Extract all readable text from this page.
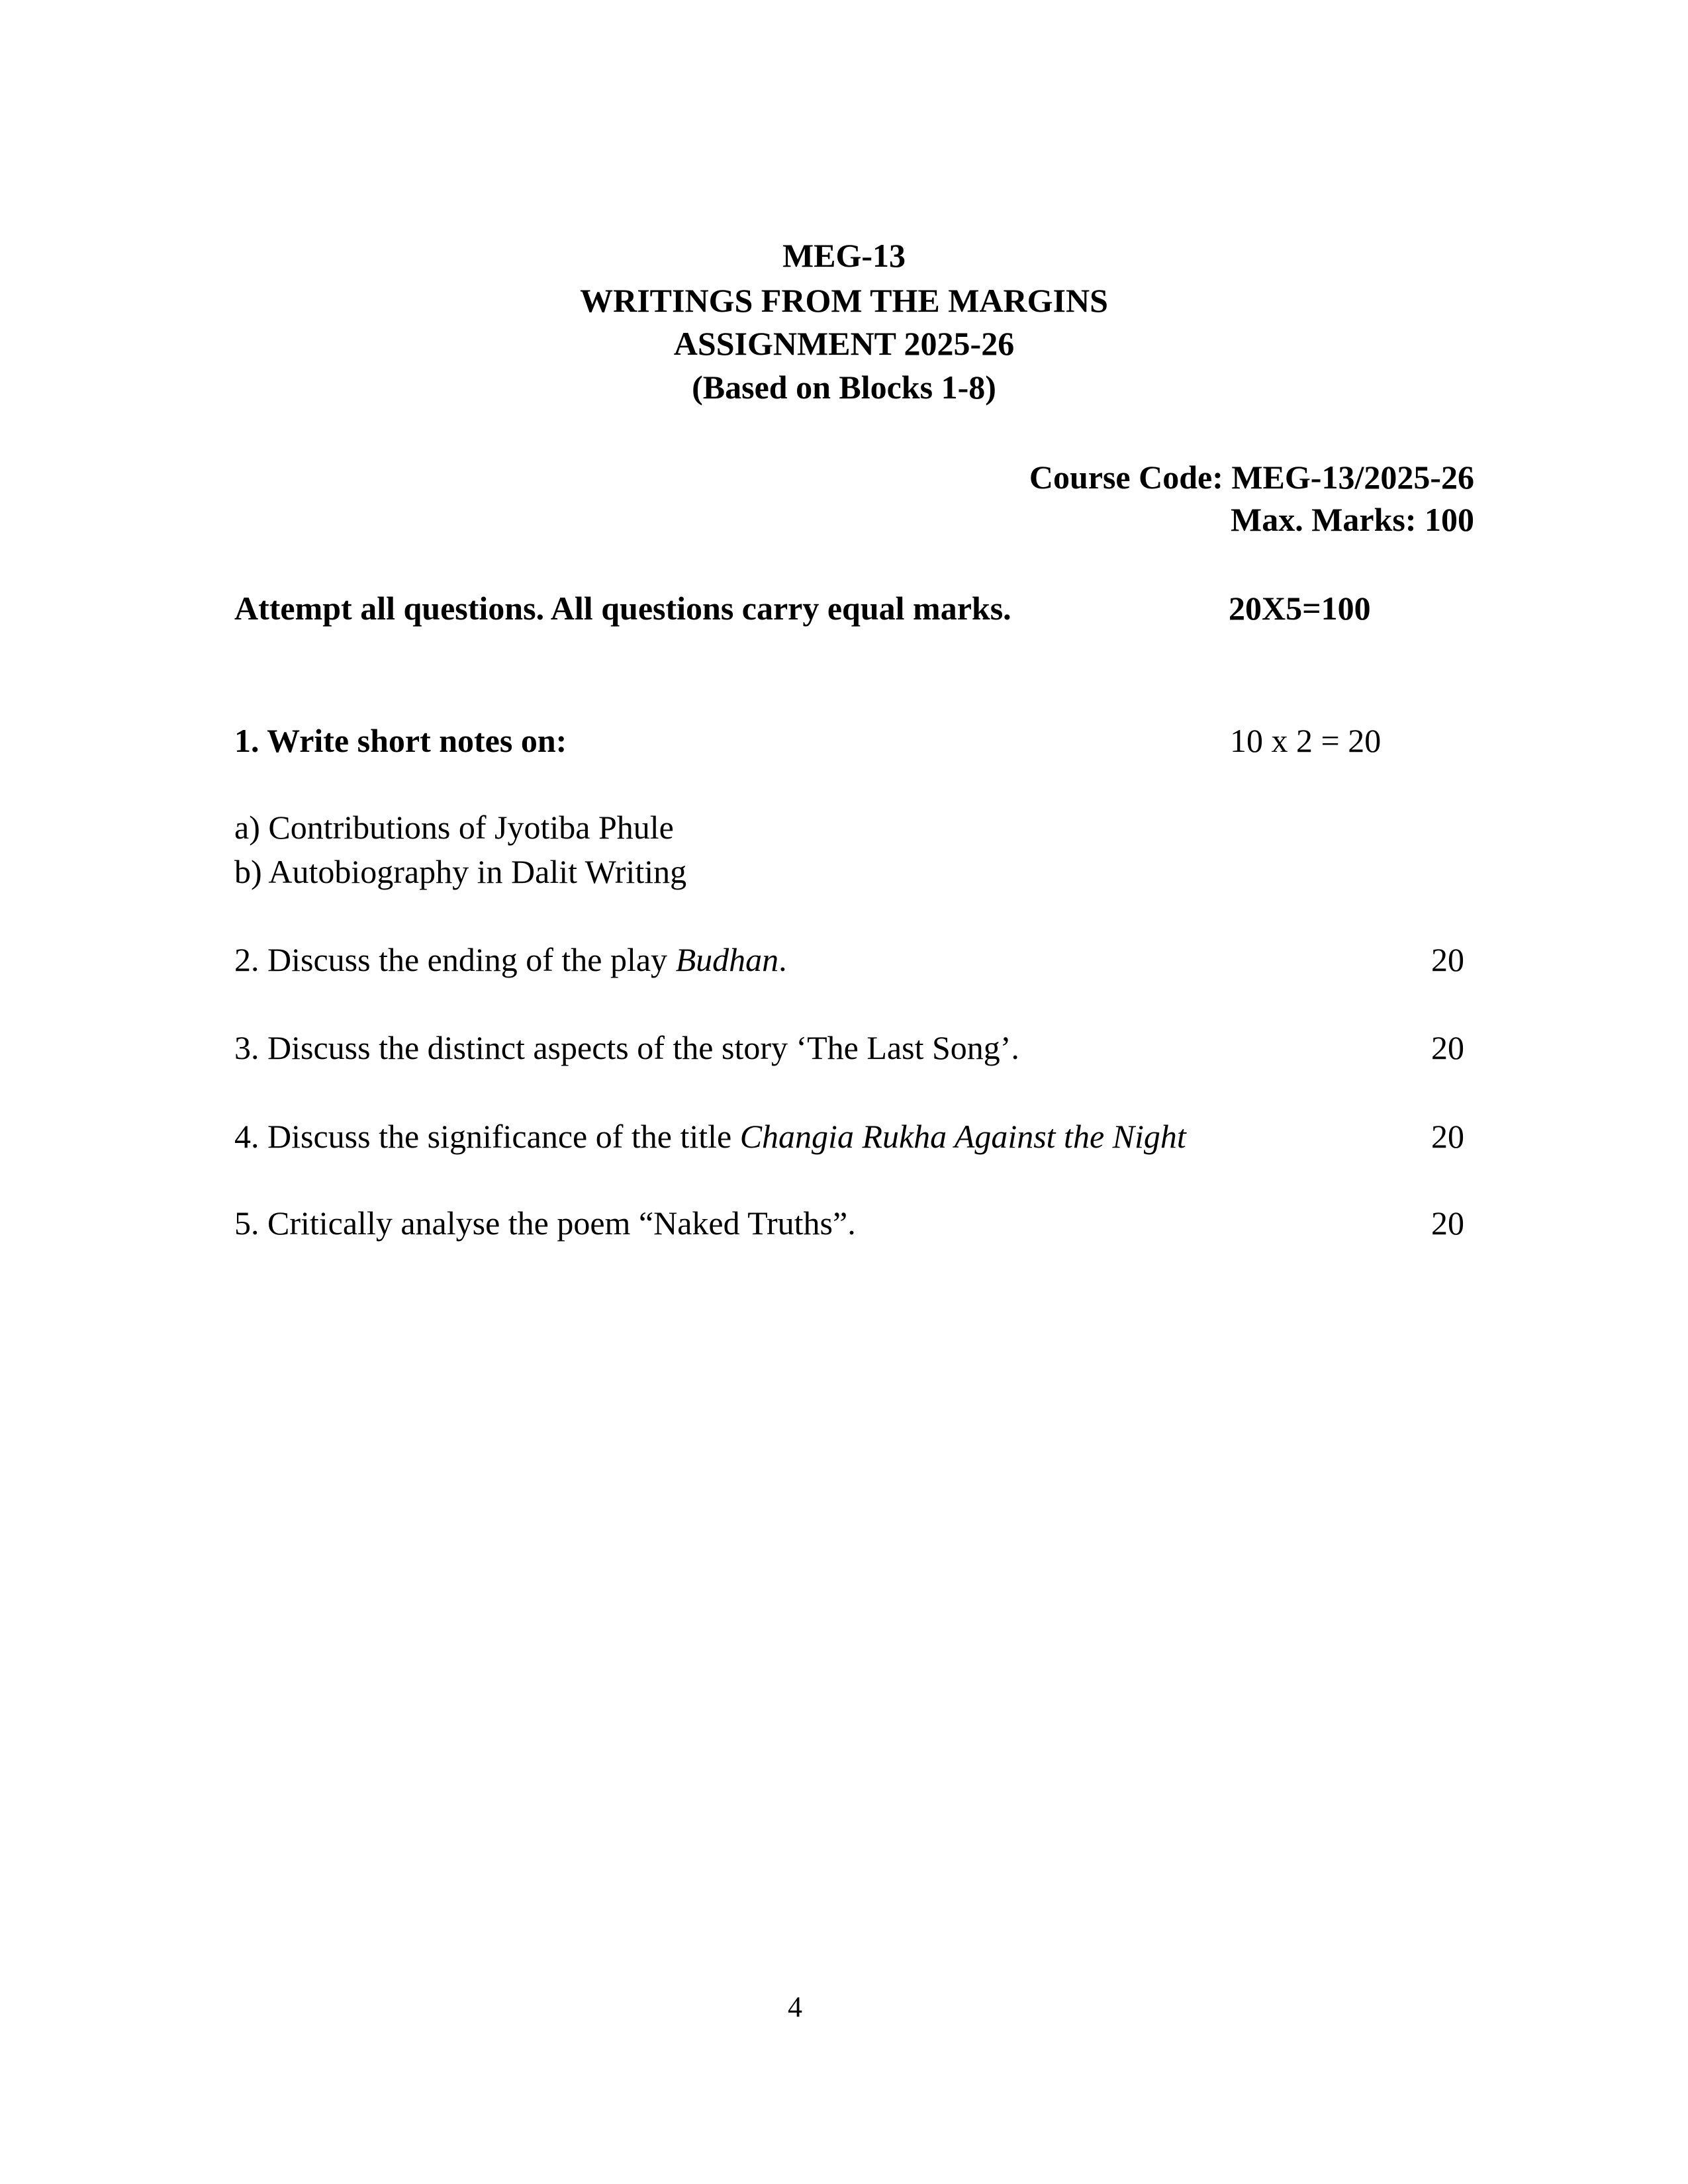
MEG-13
WRITINGS FROM THE MARGINS
ASSIGNMENT 2025-26
(Based on Blocks 1-8)
Course Code: MEG-13/2025-26
Max. Marks: 100
Attempt all questions. All questions carry equal marks.	20X5=100
1. Write short notes on:	10 x 2 = 20
a) Contributions of Jyotiba Phule
b) Autobiography in Dalit Writing
2. Discuss the ending of the play Budhan.	20
3. Discuss the distinct aspects of the story ‘The Last Song’.	20
4. Discuss the significance of the title Changia Rukha Against the Night	20
5. Critically analyse the poem “Naked Truths”.	20
4
